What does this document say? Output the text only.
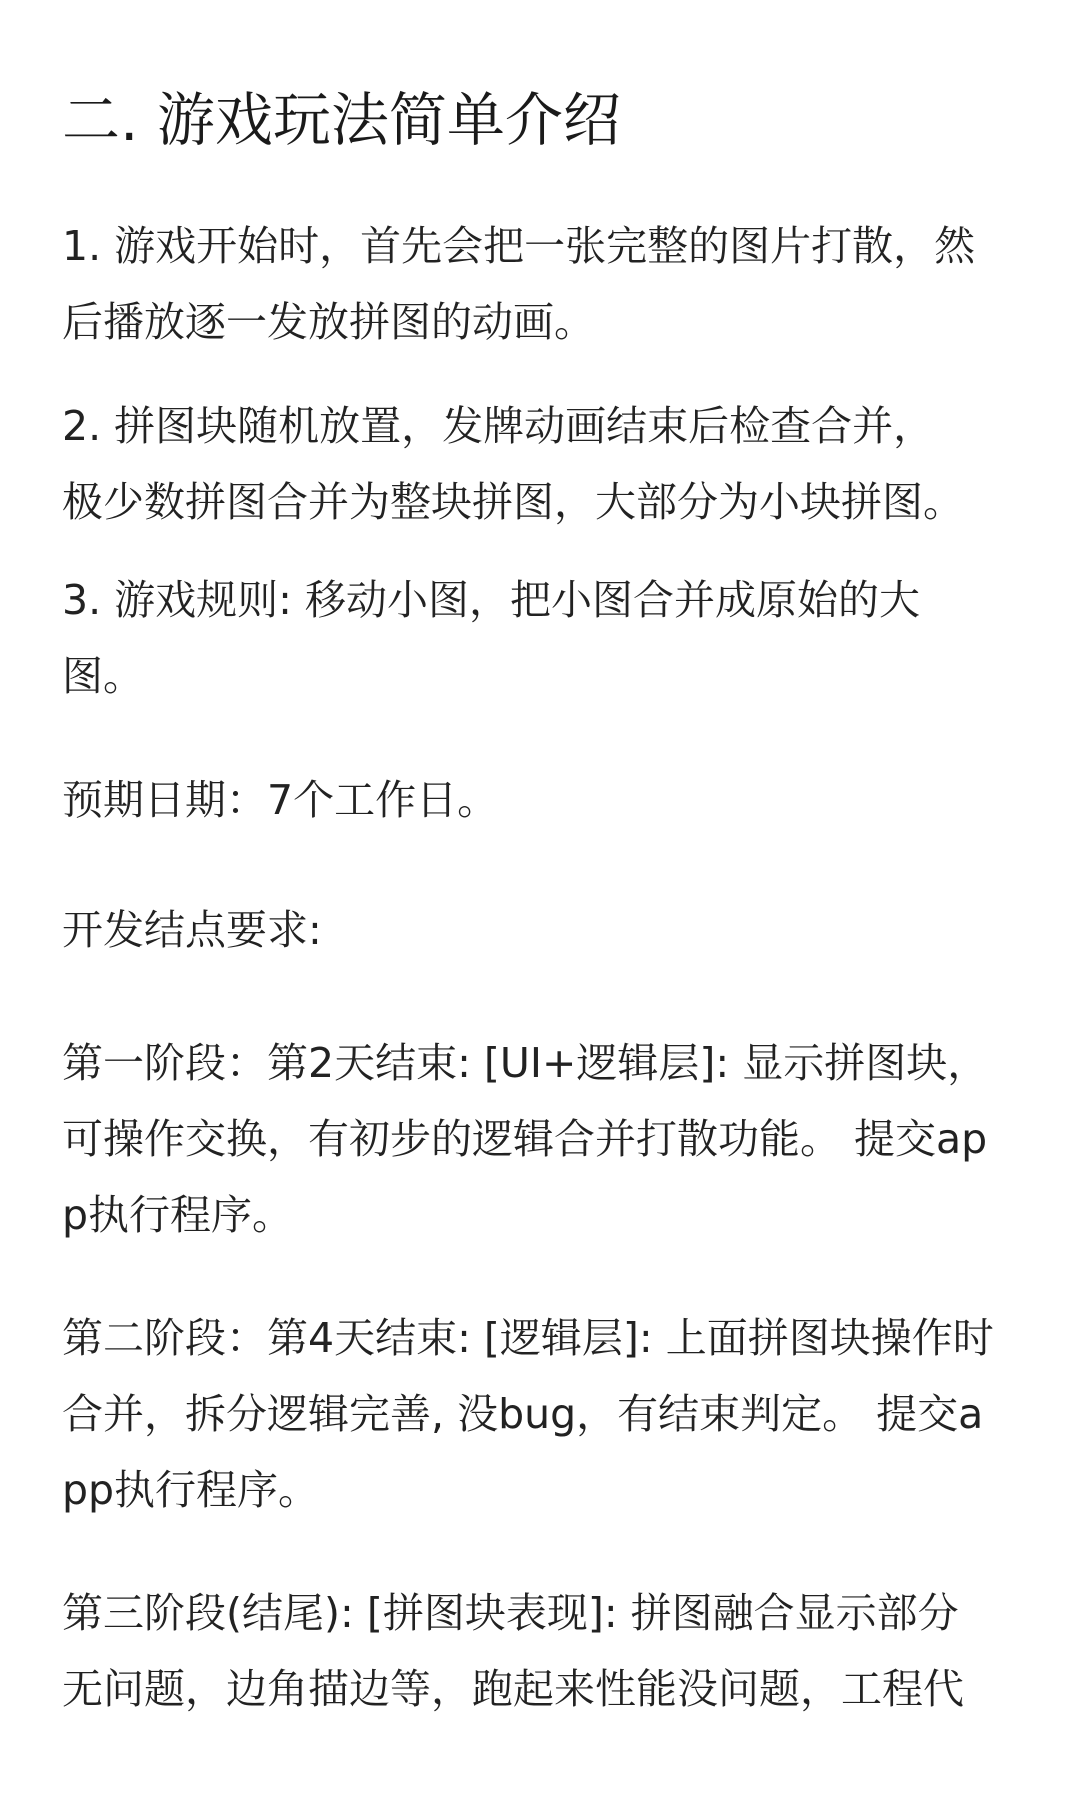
二. 游戏玩法简单介绍

1. 游戏开始时，首先会把一张完整的图片打散，然
后播放逐一发放拼图的动画。

2. 拼图块随机放置，发牌动画结束后检查合并，
极少数拼图合并为整块拼图，大部分为小块拼图。

3. 游戏规则: 移动小图，把小图合并成原始的大
图。

预期日期：7个工作日。

开发结点要求:

第一阶段：第2天结束: [UI+逻辑层]: 显示拼图块，
可操作交换，有初步的逻辑合并打散功能。 提交ap
p执行程序。

第二阶段：第4天结束: [逻辑层]: 上面拼图块操作时
合并，拆分逻辑完善, 没bug，有结束判定。 提交a
pp执行程序。

第三阶段(结尾): [拼图块表现]: 拼图融合显示部分
无问题，边角描边等，跑起来性能没问题，工程代
